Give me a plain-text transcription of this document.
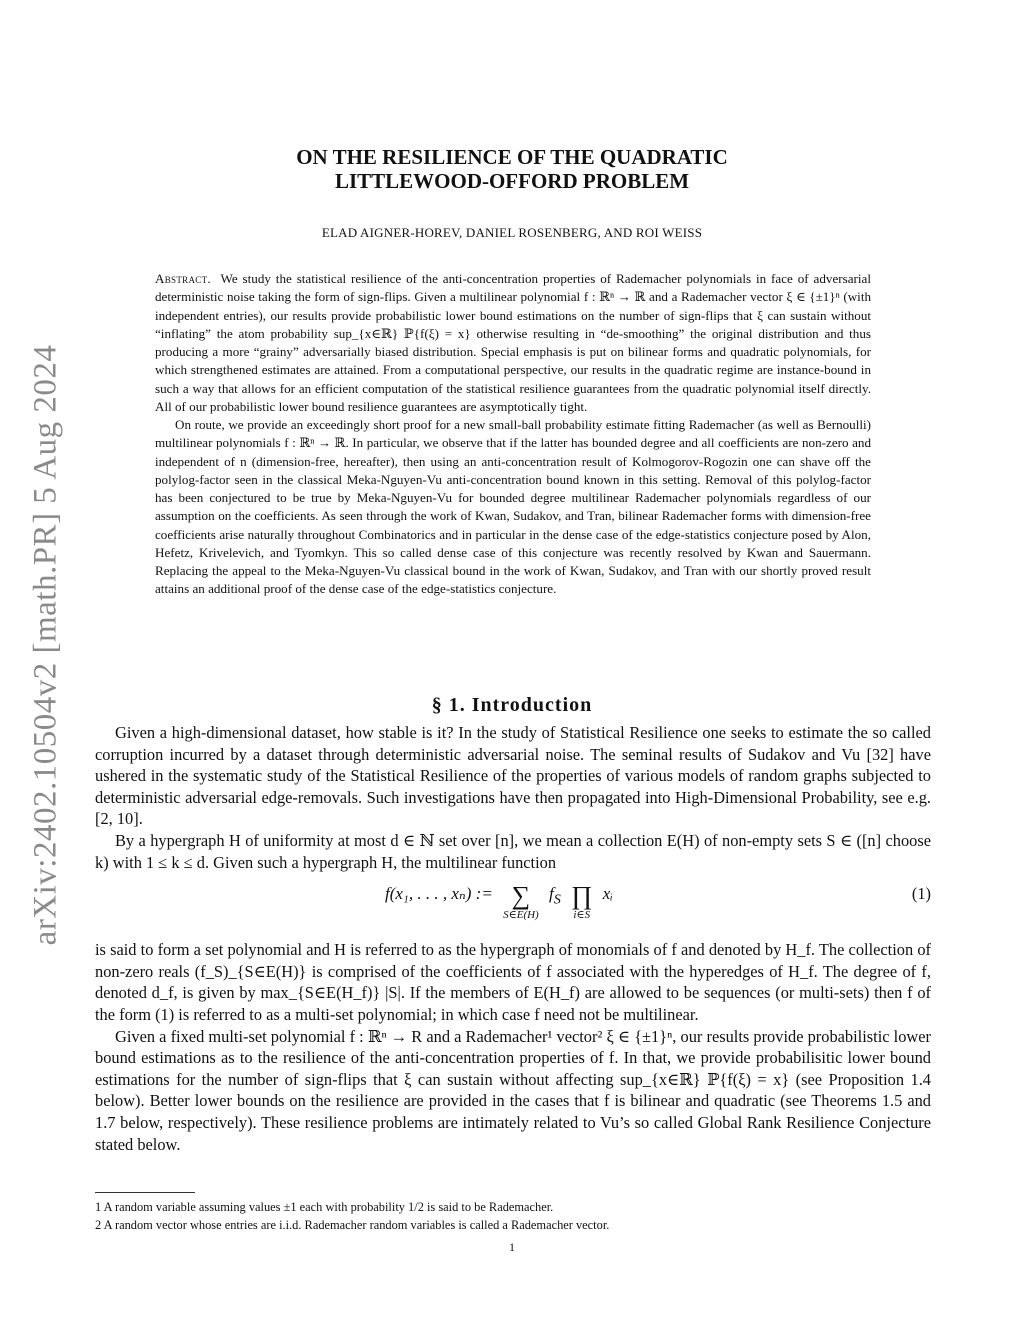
arXiv:2402.10504v2 [math.PR] 5 Aug 2024
ON THE RESILIENCE OF THE QUADRATIC
LITTLEWOOD-OFFORD PROBLEM
ELAD AIGNER-HOREV, DANIEL ROSENBERG, AND ROI WEISS

Abstract. We study the statistical resilience of the anti-concentration properties of Rademacher polynomials in face of adversarial deterministic noise taking the form of sign-flips. Given a multilinear polynomial f : ℝⁿ → ℝ and a Rademacher vector ξ ∈ {±1}ⁿ (with independent entries), our results provide probabilistic lower bound estimations on the number of sign-flips that ξ can sustain without “inflating” the atom probability sup_{x∈ℝ} ℙ{f(ξ) = x} otherwise resulting in “de-smoothing” the original distribution and thus producing a more “grainy” adversarially biased distribution. Special emphasis is put on bilinear forms and quadratic polynomials, for which strengthened estimates are attained. From a computational perspective, our results in the quadratic regime are instance-bound in such a way that allows for an efficient computation of the statistical resilience guarantees from the quadratic polynomial itself directly. All of our probabilistic lower bound resilience guarantees are asymptotically tight.

On route, we provide an exceedingly short proof for a new small-ball probability estimate fitting Rademacher (as well as Bernoulli) multilinear polynomials f : ℝⁿ → ℝ. In particular, we observe that if the latter has bounded degree and all coefficients are non-zero and independent of n (dimension-free, hereafter), then using an anti-concentration result of Kolmogorov-Rogozin one can shave off the polylog-factor seen in the classical Meka-Nguyen-Vu anti-concentration bound known in this setting. Removal of this polylog-factor has been conjectured to be true by Meka-Nguyen-Vu for bounded degree multilinear Rademacher polynomials regardless of our assumption on the coefficients. As seen through the work of Kwan, Sudakov, and Tran, bilinear Rademacher forms with dimension-free coefficients arise naturally throughout Combinatorics and in particular in the dense case of the edge-statistics conjecture posed by Alon, Hefetz, Krivelevich, and Tyomkyn. This so called dense case of this conjecture was recently resolved by Kwan and Sauermann. Replacing the appeal to the Meka-Nguyen-Vu classical bound in the work of Kwan, Sudakov, and Tran with our shortly proved result attains an additional proof of the dense case of the edge-statistics conjecture.

§ 1. Introduction

Given a high-dimensional dataset, how stable is it? In the study of Statistical Resilience one seeks to estimate the so called corruption incurred by a dataset through deterministic adversarial noise. The seminal results of Sudakov and Vu [32] have ushered in the systematic study of the Statistical Resilience of the properties of various models of random graphs subjected to deterministic adversarial edge-removals. Such investigations have then propagated into High-Dimensional Probability, see e.g. [2, 10].

By a hypergraph H of uniformity at most d ∈ ℕ set over [n], we mean a collection E(H) of non-empty sets S ∈ ([n] choose k) with 1 ≤ k ≤ d. Given such a hypergraph H, the multilinear function

f(x₁, . . . , xₙ) := ∑
S∈E(H)
$f_S$ ∏
i∈S
xᵢ	(1)

is said to form a set polynomial and H is referred to as the hypergraph of monomials of f and denoted by H_f. The collection of non-zero reals (f_S)_{S∈E(H)} is comprised of the coefficients of f associated with the hyperedges of H_f. The degree of f, denoted d_f, is given by max_{S∈E(H_f)} |S|. If the members of E(H_f) are allowed to be sequences (or multi-sets) then f of the form (1) is referred to as a multi-set polynomial; in which case f need not be multilinear.

Given a fixed multi-set polynomial f : ℝⁿ → R and a Rademacher¹ vector² ξ ∈ {±1}ⁿ, our results provide probabilistic lower bound estimations as to the resilience of the anti-concentration properties of f. In that, we provide probabilisitic lower bound estimations for the number of sign-flips that ξ can sustain without affecting sup_{x∈ℝ} ℙ{f(ξ) = x} (see Proposition 1.4 below). Better lower bounds on the resilience are provided in the cases that f is bilinear and quadratic (see Theorems 1.5 and 1.7 below, respectively). These resilience problems are intimately related to Vu’s so called Global Rank Resilience Conjecture stated below.

1 A random variable assuming values ±1 each with probability 1/2 is said to be Rademacher.
2 A random vector whose entries are i.i.d. Rademacher random variables is called a Rademacher vector.
1
